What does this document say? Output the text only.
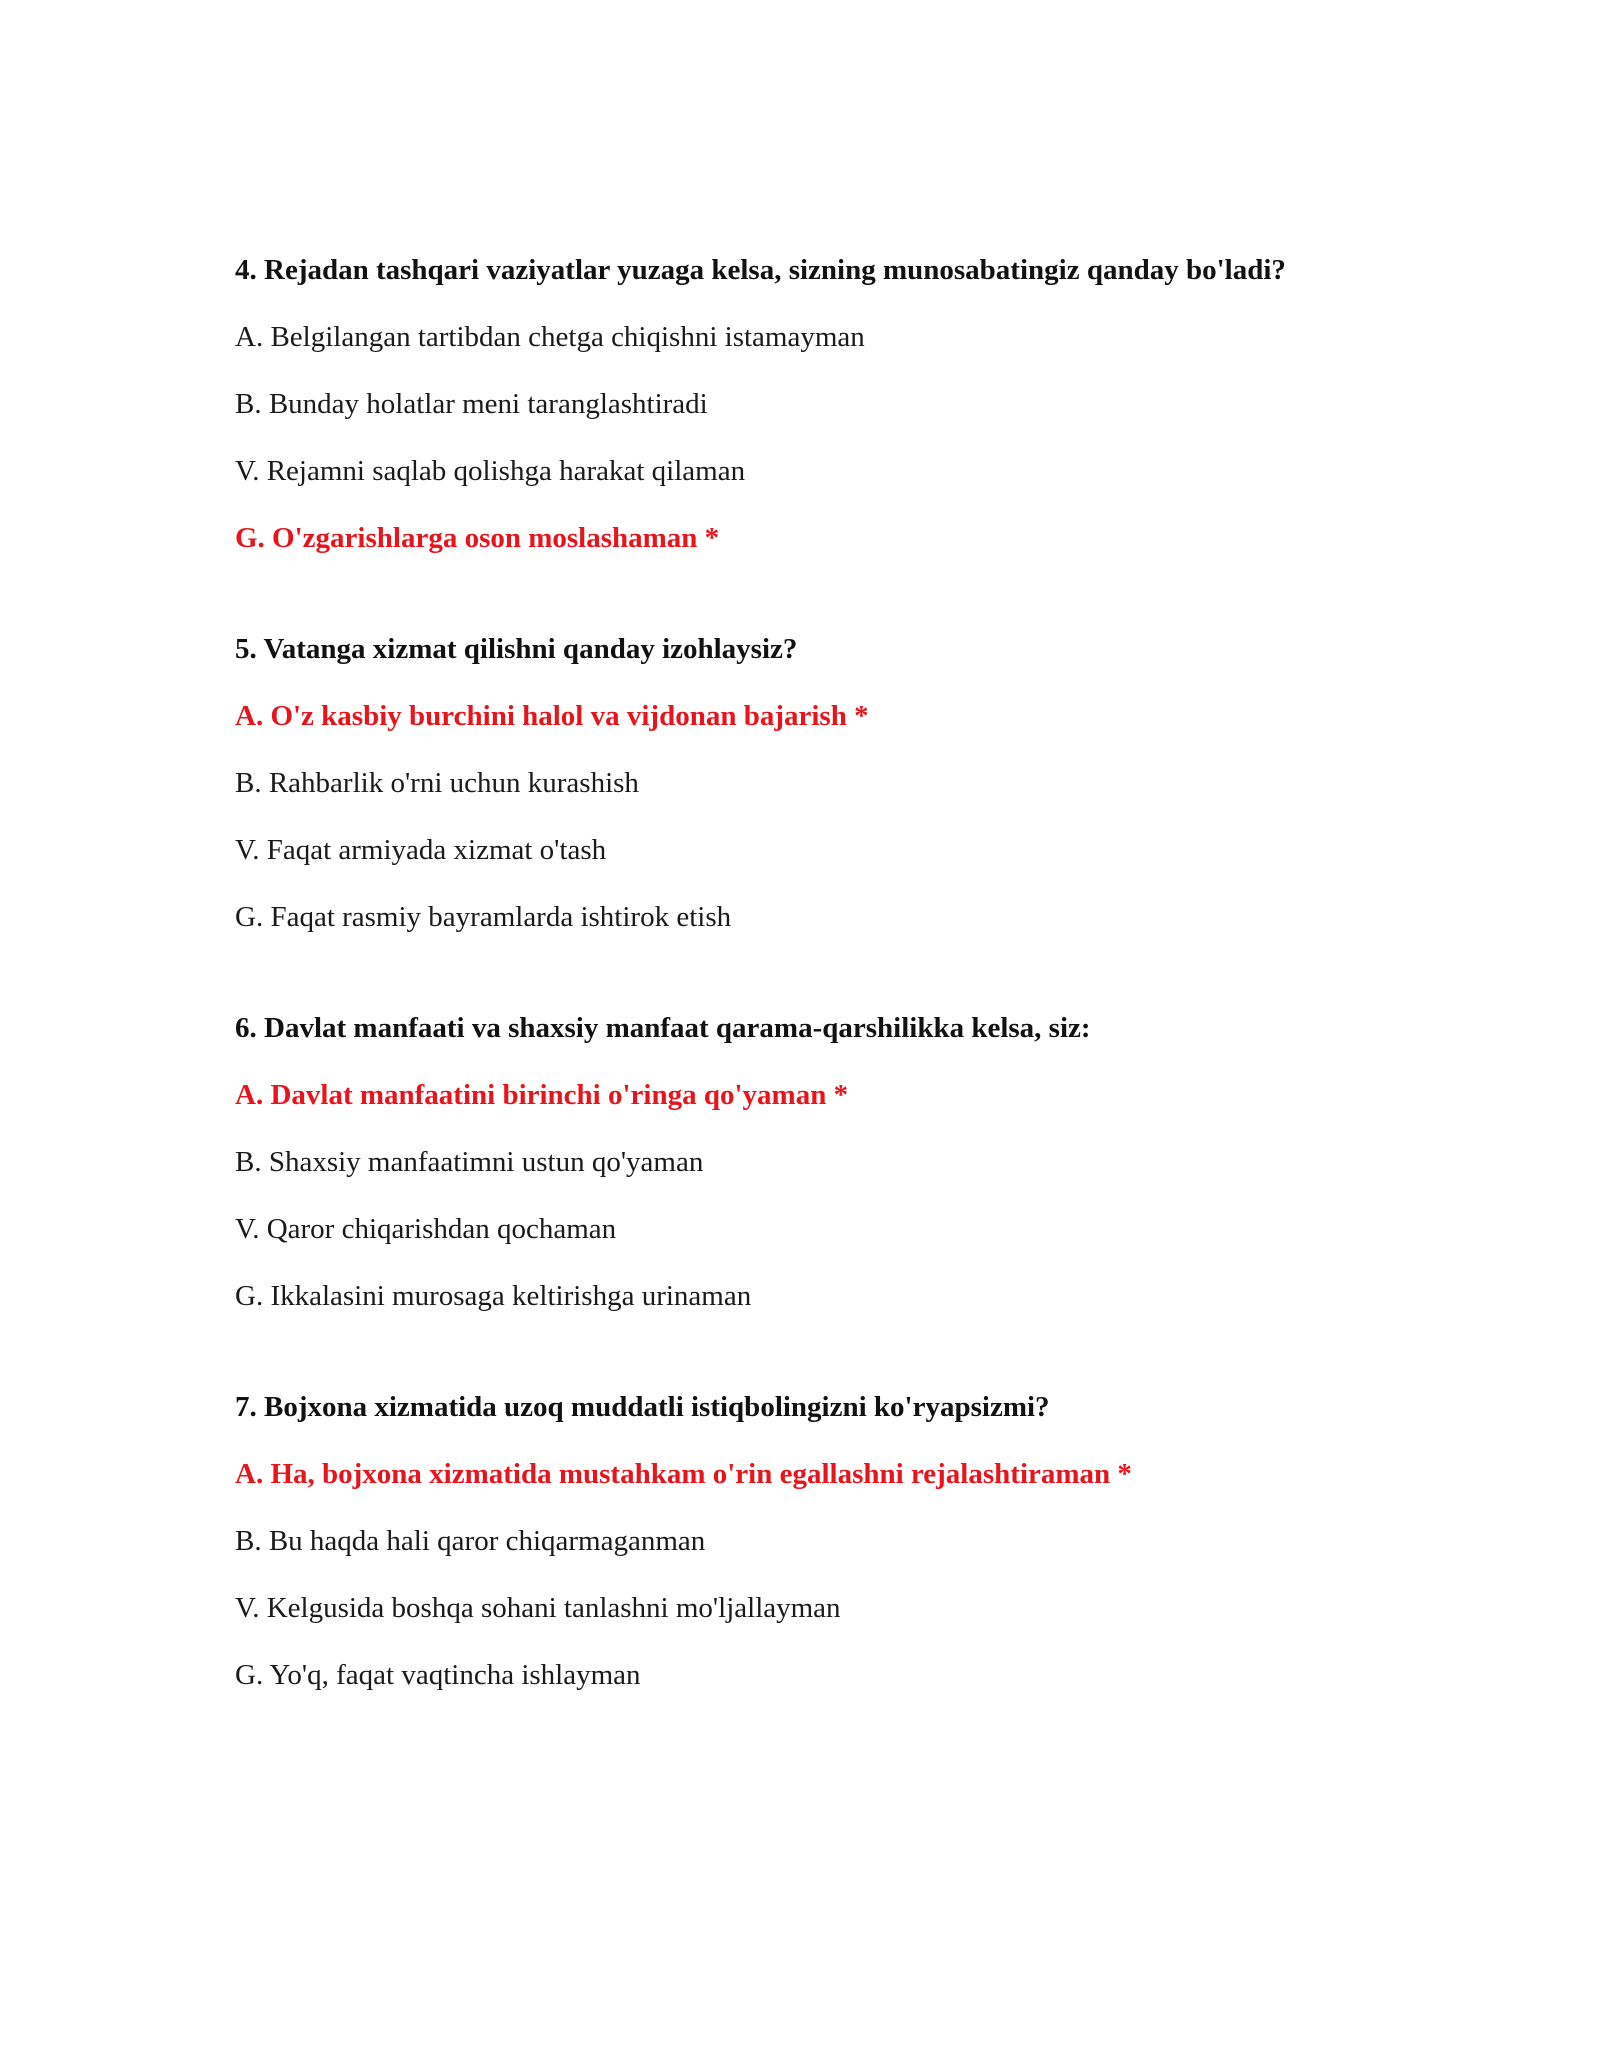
4. Rejadan tashqari vaziyatlar yuzaga kelsa, sizning munosabatingiz qanday bo'ladi?
A. Belgilangan tartibdan chetga chiqishni istamayman
B. Bunday holatlar meni taranglashtiradi
V. Rejamni saqlab qolishga harakat qilaman
G. O'zgarishlarga oson moslashaman *
5. Vatanga xizmat qilishni qanday izohlaysiz?
A. O'z kasbiy burchini halol va vijdonan bajarish *
B. Rahbarlik o'rni uchun kurashish
V. Faqat armiyada xizmat o'tash
G. Faqat rasmiy bayramlarda ishtirok etish
6. Davlat manfaati va shaxsiy manfaat qarama-qarshilikka kelsa, siz:
A. Davlat manfaatini birinchi o'ringa qo'yaman *
B. Shaxsiy manfaatimni ustun qo'yaman
V. Qaror chiqarishdan qochaman
G. Ikkalasini murosaga keltirishga urinaman
7. Bojxona xizmatida uzoq muddatli istiqbolingizni ko'ryapsizmi?
A. Ha, bojxona xizmatida mustahkam o'rin egallashni rejalashtiraman *
B. Bu haqda hali qaror chiqarmaganman
V. Kelgusida boshqa sohani tanlashni mo'ljallayman
G. Yo'q, faqat vaqtincha ishlayman
